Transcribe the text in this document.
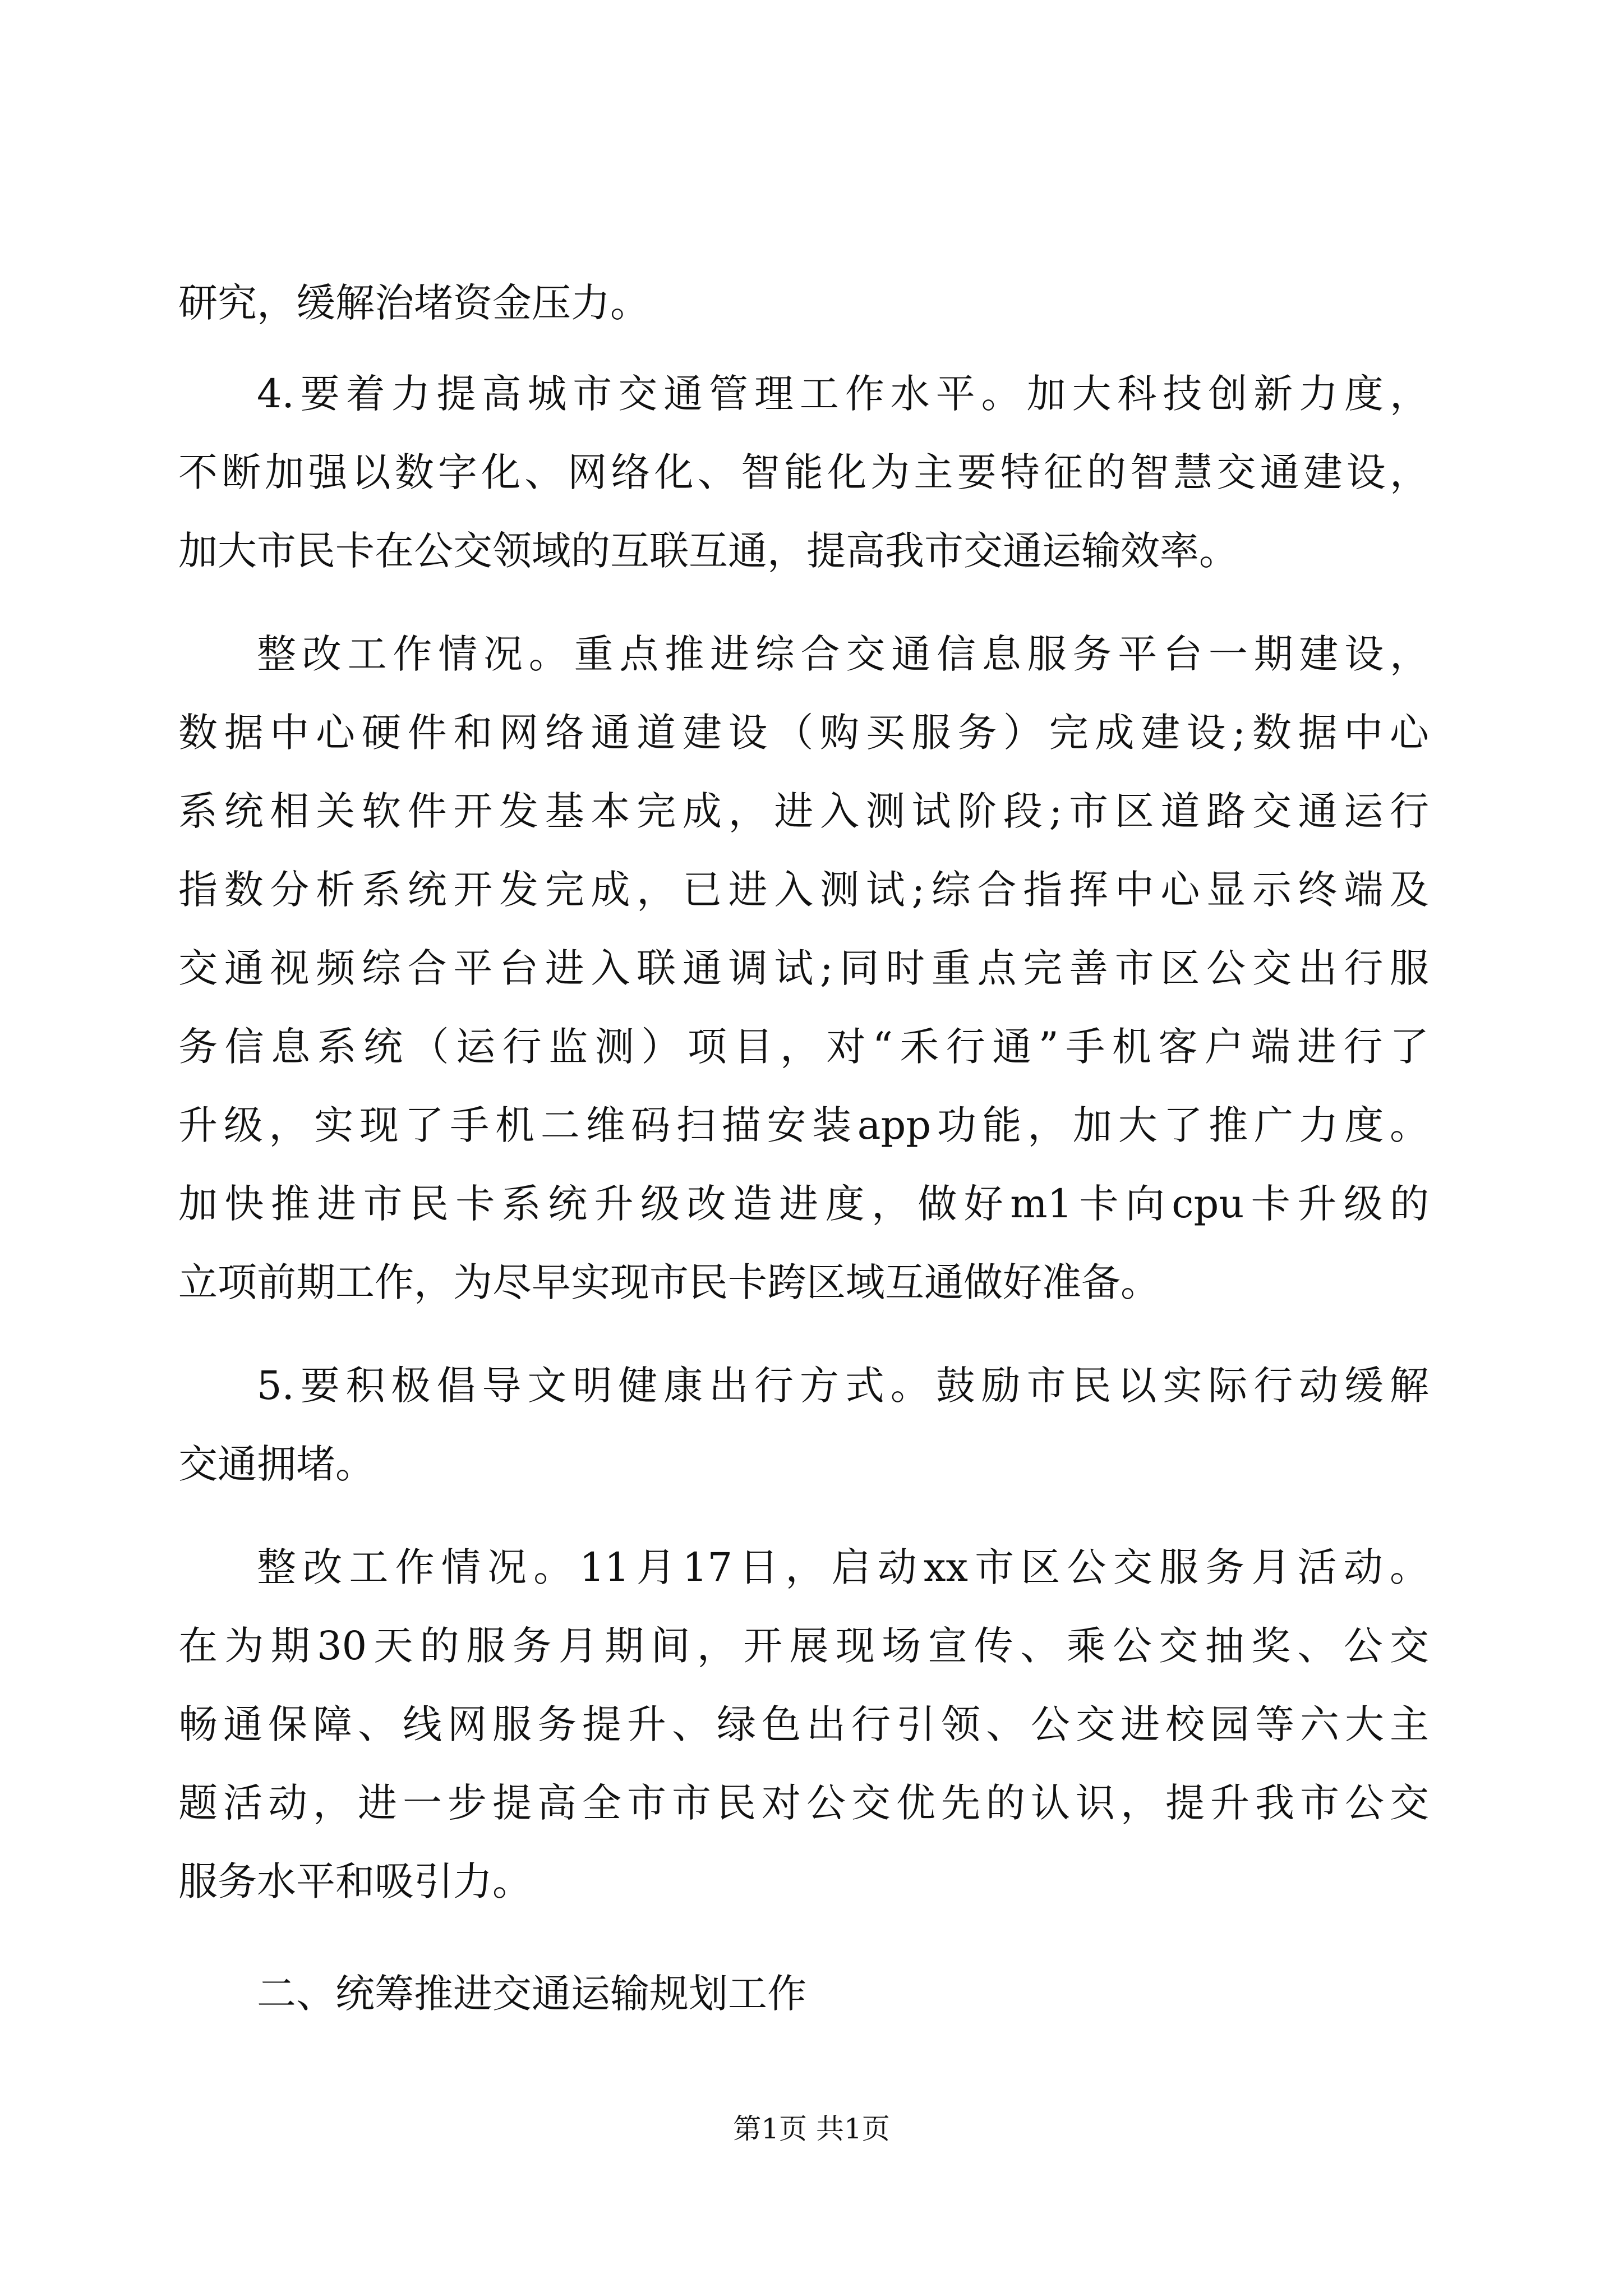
研究，缓解治堵资金压力。
4.要着力提高城市交通管理工作水平。加大科技创新力度，
不断加强以数字化、网络化、智能化为主要特征的智慧交通建设，
加大市民卡在公交领域的互联互通，提高我市交通运输效率。
整改工作情况。重点推进综合交通信息服务平台一期建设，
数据中心硬件和网络通道建设（购买服务）完成建设;数据中心
系统相关软件开发基本完成，进入测试阶段;市区道路交通运行
指数分析系统开发完成，已进入测试;综合指挥中心显示终端及
交通视频综合平台进入联通调试;同时重点完善市区公交出行服
务信息系统（运行监测）项目，对“禾行通”手机客户端进行了
升级，实现了手机二维码扫描安装app功能，加大了推广力度。
加快推进市民卡系统升级改造进度，做好m1卡向cpu卡升级的
立项前期工作，为尽早实现市民卡跨区域互通做好准备。
5.要积极倡导文明健康出行方式。鼓励市民以实际行动缓解
交通拥堵。
整改工作情况。11月17日，启动xx市区公交服务月活动。
在为期30天的服务月期间，开展现场宣传、乘公交抽奖、公交
畅通保障、线网服务提升、绿色出行引领、公交进校园等六大主
题活动，进一步提高全市市民对公交优先的认识，提升我市公交
服务水平和吸引力。
二、统筹推进交通运输规划工作
第1页 共1页
